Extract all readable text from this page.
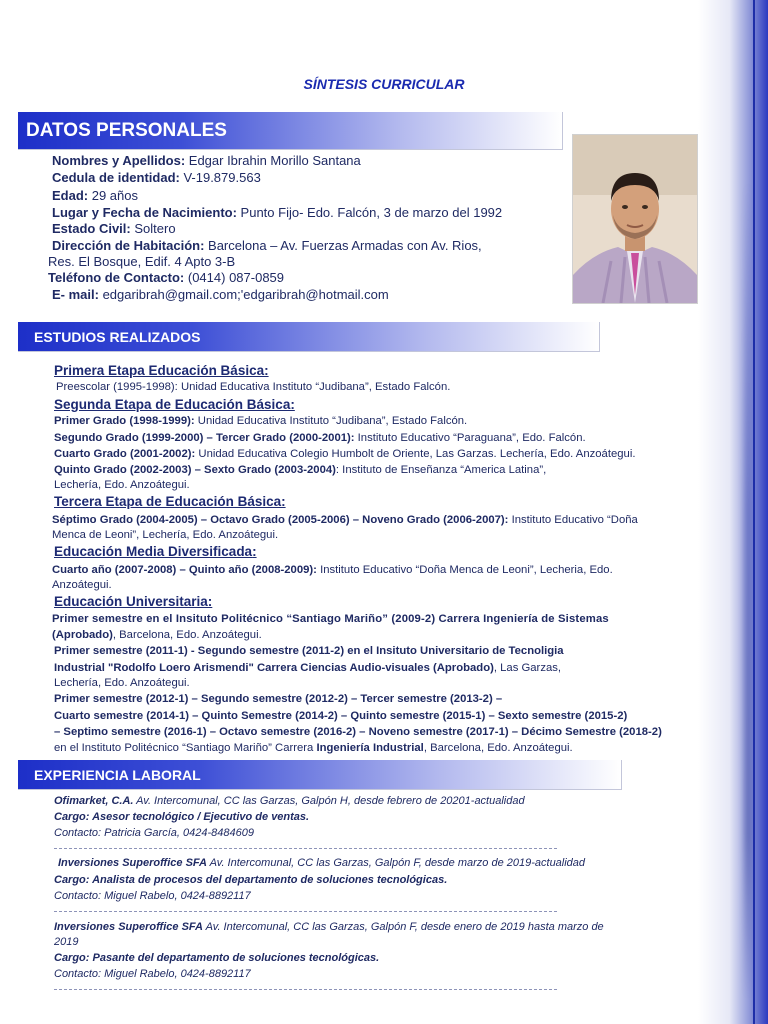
SÍNTESIS CURRICULAR
DATOS PERSONALES
Nombres y Apellidos: Edgar Ibrahin Morillo Santana
Cedula de identidad: V-19.879.563
Edad: 29 años
Lugar y Fecha de Nacimiento: Punto Fijo- Edo. Falcón, 3 de marzo del 1992
Estado Civil: Soltero
Dirección de Habitación: Barcelona – Av. Fuerzas Armadas con Av. Rios,
Res. El Bosque, Edif. 4 Apto 3-B
Teléfono de Contacto: (0414) 087-0859
E- mail: edgaribrah@gmail.com;'edgaribrah@hotmail.com
ESTUDIOS REALIZADOS
Primera Etapa Educación Básica:
Preescolar (1995-1998): Unidad Educativa Instituto “Judibana”, Estado Falcón.
Segunda Etapa de Educación Básica:
Primer Grado (1998-1999): Unidad Educativa Instituto “Judibana”, Estado Falcón.
Segundo Grado (1999-2000) – Tercer Grado (2000-2001): Instituto Educativo “Paraguana”, Edo. Falcón.
Cuarto Grado (2001-2002): Unidad Educativa Colegio Humbolt de Oriente, Las Garzas. Lechería, Edo. Anzoátegui.
Quinto Grado (2002-2003) – Sexto Grado (2003-2004): Instituto de Enseñanza “America Latina”,
Lechería, Edo. Anzoátegui.
Tercera Etapa de Educación Básica:
Séptimo Grado (2004-2005) – Octavo Grado (2005-2006) – Noveno Grado (2006-2007): Instituto Educativo “Doña
Menca de Leoni”, Lechería, Edo. Anzoátegui.
Educación Media Diversificada:
Cuarto año (2007-2008) – Quinto año (2008-2009): Instituto Educativo “Doña Menca de Leoni”, Lecheria, Edo.
Anzoátegui.
Educación Universitaria:
Primer semestre en el Insituto Politécnico “Santiago Mariño” (2009-2) Carrera Ingeniería de Sistemas
(Aprobado), Barcelona, Edo. Anzoátegui.
Primer semestre (2011-1) - Segundo semestre (2011-2) en el Insituto Universitario de Tecnoligia
Industrial "Rodolfo Loero Arismendi" Carrera Ciencias Audio-visuales (Aprobado), Las Garzas,
Lechería, Edo. Anzoátegui.
Primer semestre (2012-1) – Segundo semestre (2012-2) – Tercer semestre (2013-2) –
Cuarto semestre (2014-1) – Quinto Semestre (2014-2) – Quinto semestre (2015-1) – Sexto semestre (2015-2)
– Septimo semestre (2016-1) – Octavo semestre (2016-2) – Noveno semestre (2017-1) – Décimo Semestre (2018-2)
en el Instituto Politécnico “Santiago Mariño” Carrera Ingeniería Industrial, Barcelona, Edo. Anzoátegui.
EXPERIENCIA LABORAL
Ofimarket, C.A. Av. Intercomunal, CC las Garzas, Galpón H, desde febrero de 20201-actualidad
Cargo: Asesor tecnológico / Ejecutivo de ventas.
Contacto: Patricia García, 0424-8484609
Inversiones Superoffice SFA Av. Intercomunal, CC las Garzas, Galpón F, desde marzo de 2019-actualidad
Cargo: Analista de procesos del departamento de soluciones tecnológicas.
Contacto: Miguel Rabelo, 0424-8892117
Inversiones Superoffice SFA Av. Intercomunal, CC las Garzas, Galpón F, desde enero de 2019 hasta marzo de
2019
Cargo: Pasante del departamento de soluciones tecnológicas.
Contacto: Miguel Rabelo, 0424-8892117
